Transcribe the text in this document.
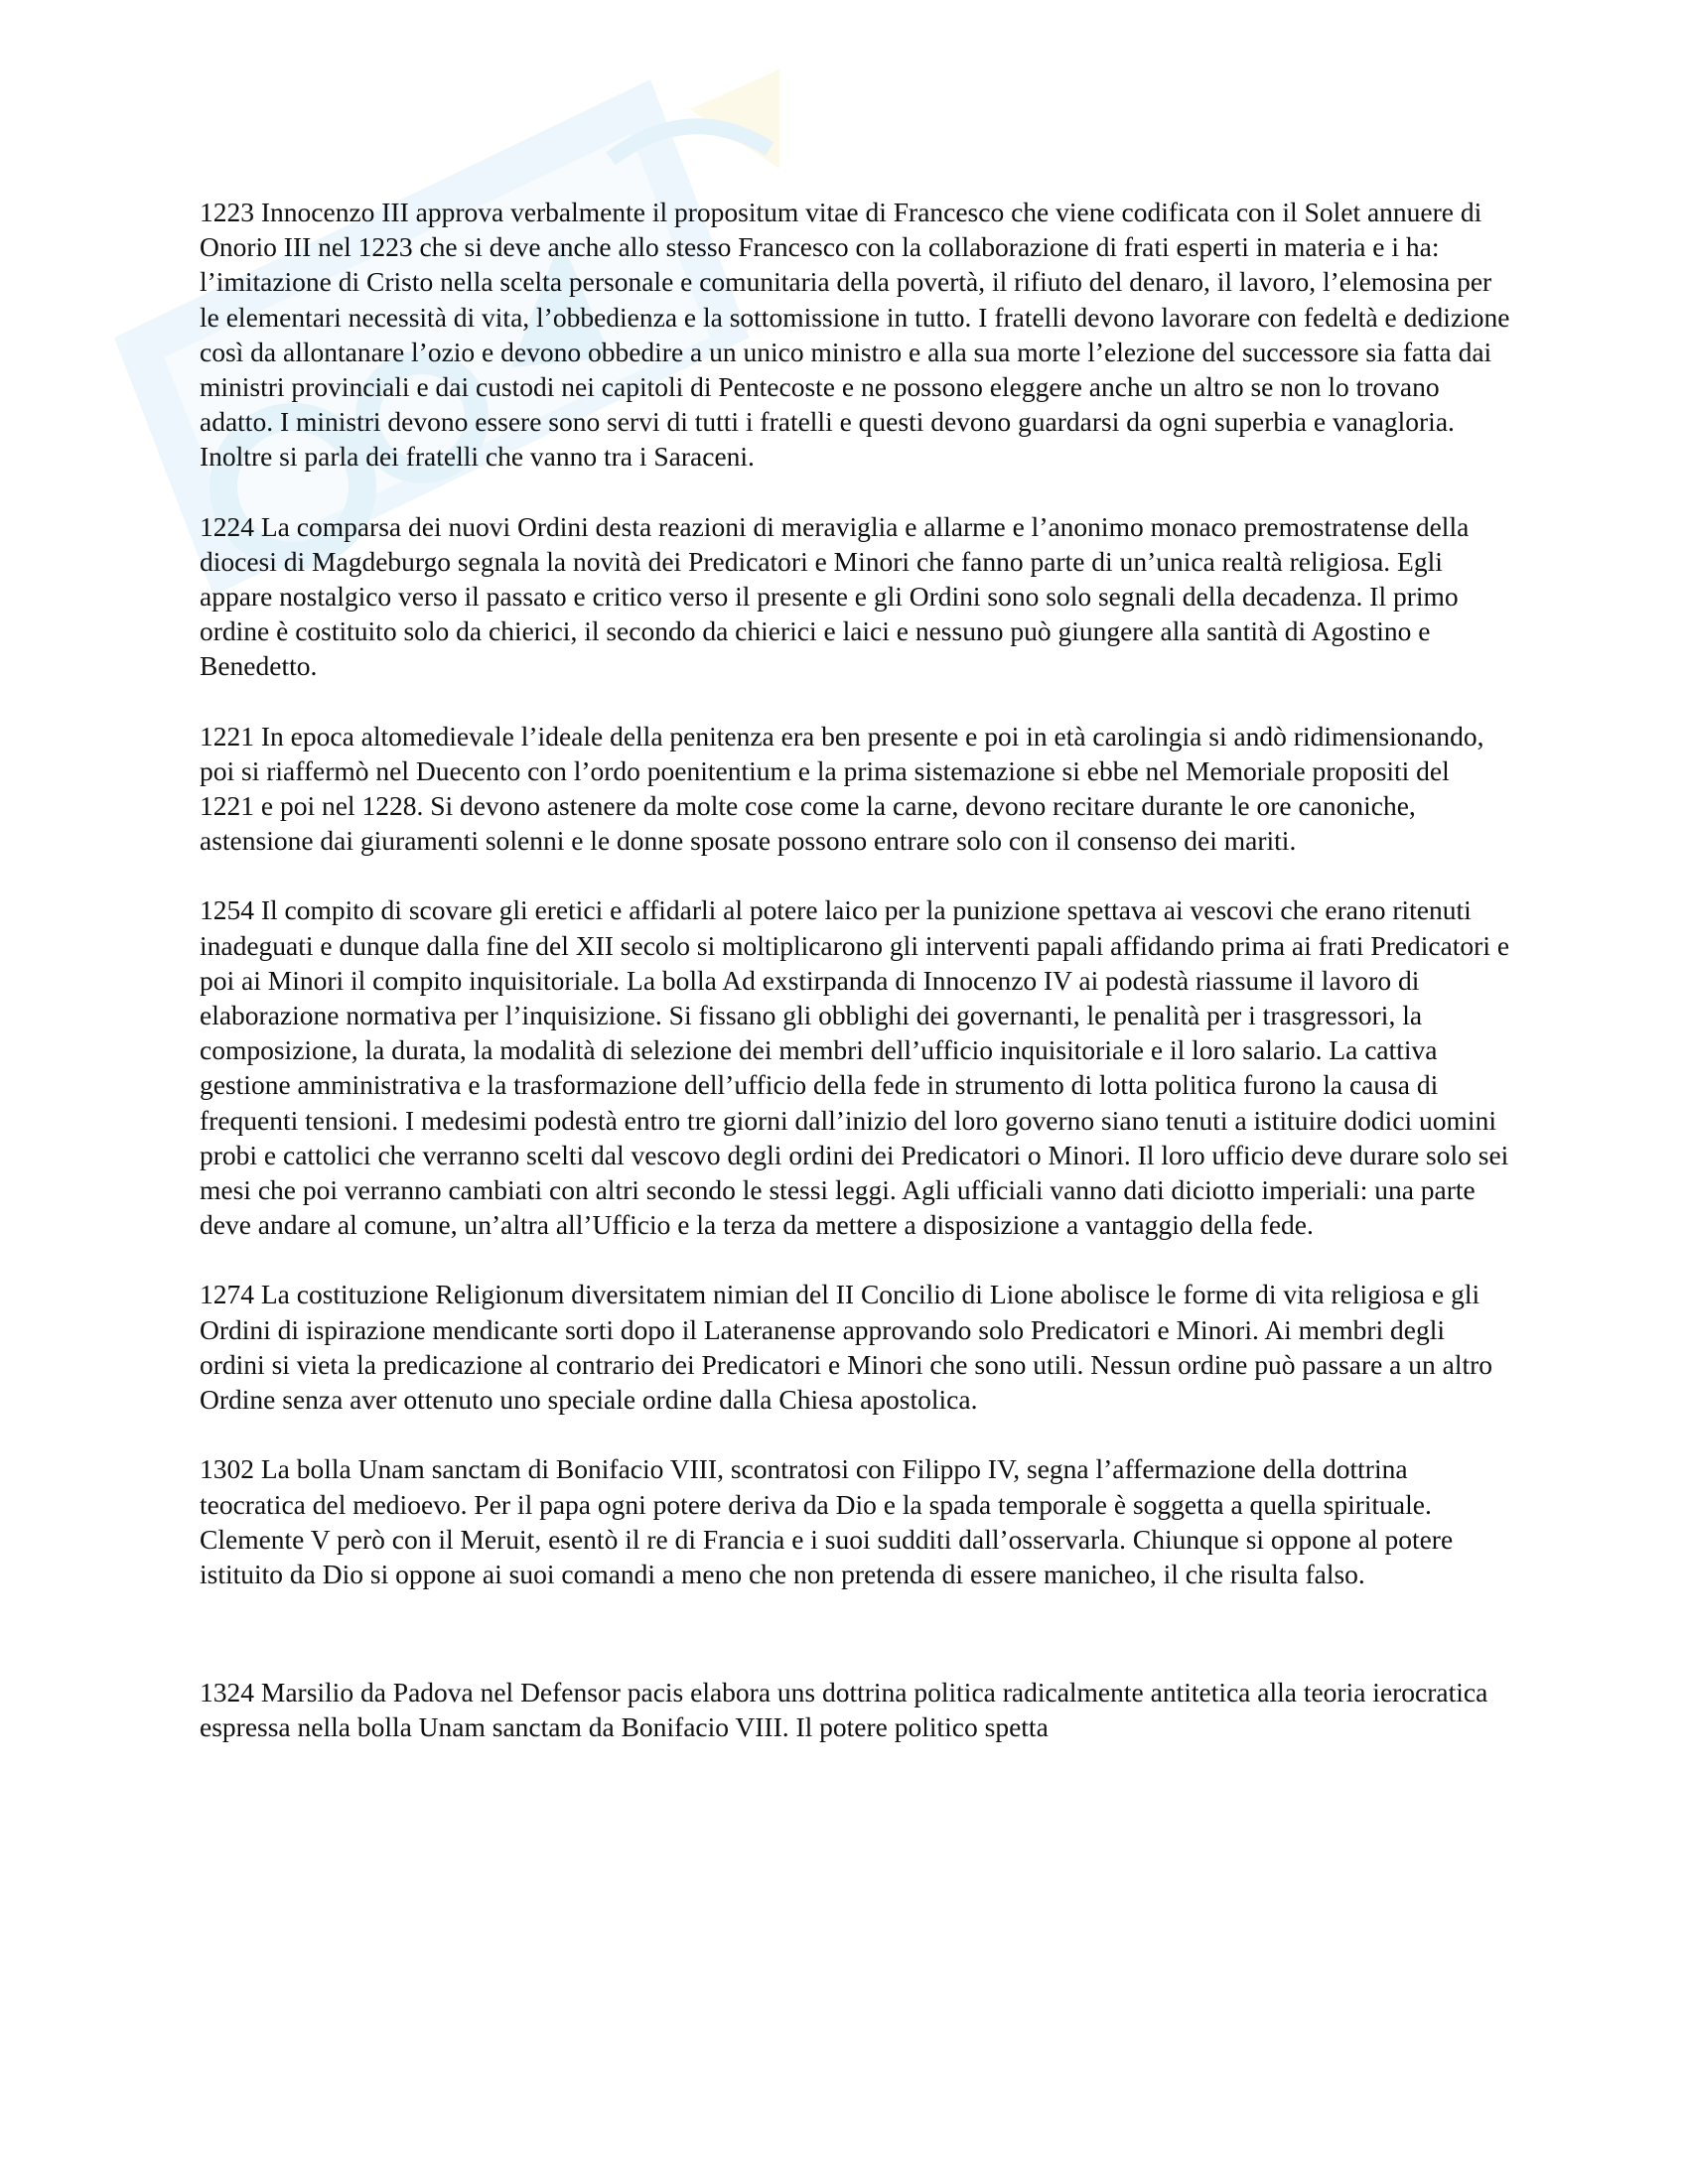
1223 Innocenzo III approva verbalmente il propositum vitae di Francesco che viene codificata con il Solet annuere di Onorio III nel 1223 che si deve anche allo stesso Francesco con la collaborazione di frati esperti in materia e i ha: l’imitazione di Cristo nella scelta personale e comunitaria della povertà, il rifiuto del denaro, il lavoro, l’elemosina per le elementari necessità di vita, l’obbedienza e la sottomissione in tutto. I fratelli devono lavorare con fedeltà e dedizione così da allontanare l’ozio e devono obbedire a un unico ministro e alla sua morte l’elezione del successore sia fatta dai ministri provinciali e dai custodi nei capitoli di Pentecoste e ne possono eleggere anche un altro se non lo trovano adatto. I ministri devono essere sono servi di tutti i fratelli e questi devono guardarsi da ogni superbia e vanagloria. Inoltre si parla dei fratelli che vanno tra i Saraceni.

1224 La comparsa dei nuovi Ordini desta reazioni di meraviglia e allarme e l’anonimo monaco premostratense della diocesi di Magdeburgo segnala la novità dei Predicatori e Minori che fanno parte di un’unica realtà religiosa. Egli appare nostalgico verso il passato e critico verso il presente e gli Ordini sono solo segnali della decadenza. Il primo ordine è costituito solo da chierici, il secondo da chierici e laici e nessuno può giungere alla santità di Agostino e Benedetto.

1221 In epoca altomedievale l’ideale della penitenza era ben presente e poi in età carolingia si andò ridimensionando, poi si riaffermò nel Duecento con l’ordo poenitentium e la prima sistemazione si ebbe nel Memoriale propositi del 1221 e poi nel 1228. Si devono astenere da molte cose come la carne, devono recitare durante le ore canoniche, astensione dai giuramenti solenni e le donne sposate possono entrare solo con il consenso dei mariti.

1254 Il compito di scovare gli eretici e affidarli al potere laico per la punizione spettava ai vescovi che erano ritenuti inadeguati e dunque dalla fine del XII secolo si moltiplicarono gli interventi papali affidando prima ai frati Predicatori e poi ai Minori il compito inquisitoriale. La bolla Ad exstirpanda di Innocenzo IV ai podestà riassume il lavoro di elaborazione normativa per l’inquisizione. Si fissano gli obblighi dei governanti, le penalità per i trasgressori, la composizione, la durata, la modalità di selezione dei membri dell’ufficio inquisitoriale e il loro salario. La cattiva gestione amministrativa e la trasformazione dell’ufficio della fede in strumento di lotta politica furono la causa di frequenti tensioni. I medesimi podestà entro tre giorni dall’inizio del loro governo siano tenuti a istituire dodici uomini probi e cattolici che verranno scelti dal vescovo degli ordini dei Predicatori o Minori. Il loro ufficio deve durare solo sei mesi che poi verranno cambiati con altri secondo le stessi leggi. Agli ufficiali vanno dati diciotto imperiali: una parte deve andare al comune, un’altra all’Ufficio e la terza da mettere a disposizione a vantaggio della fede.

1274 La costituzione Religionum diversitatem nimian del II Concilio di Lione abolisce le forme di vita religiosa e gli Ordini di ispirazione mendicante sorti dopo il Lateranense approvando solo Predicatori e Minori. Ai membri degli ordini si vieta la predicazione al contrario dei Predicatori e Minori che sono utili. Nessun ordine può passare a un altro Ordine senza aver ottenuto uno speciale ordine dalla Chiesa apostolica.

1302 La bolla Unam sanctam di Bonifacio VIII, scontratosi con Filippo IV, segna l’affermazione della dottrina teocratica del medioevo. Per il papa ogni potere deriva da Dio e la spada temporale è soggetta a quella spirituale. Clemente V però con il Meruit, esentò il re di Francia e i suoi sudditi dall’osservarla. Chiunque si oppone al potere istituito da Dio si oppone ai suoi comandi a meno che non pretenda di essere manicheo, il che risulta falso.

1324 Marsilio da Padova nel Defensor pacis elabora uns dottrina politica radicalmente antitetica alla teoria ierocratica espressa nella bolla Unam sanctam da Bonifacio VIII. Il potere politico spetta
